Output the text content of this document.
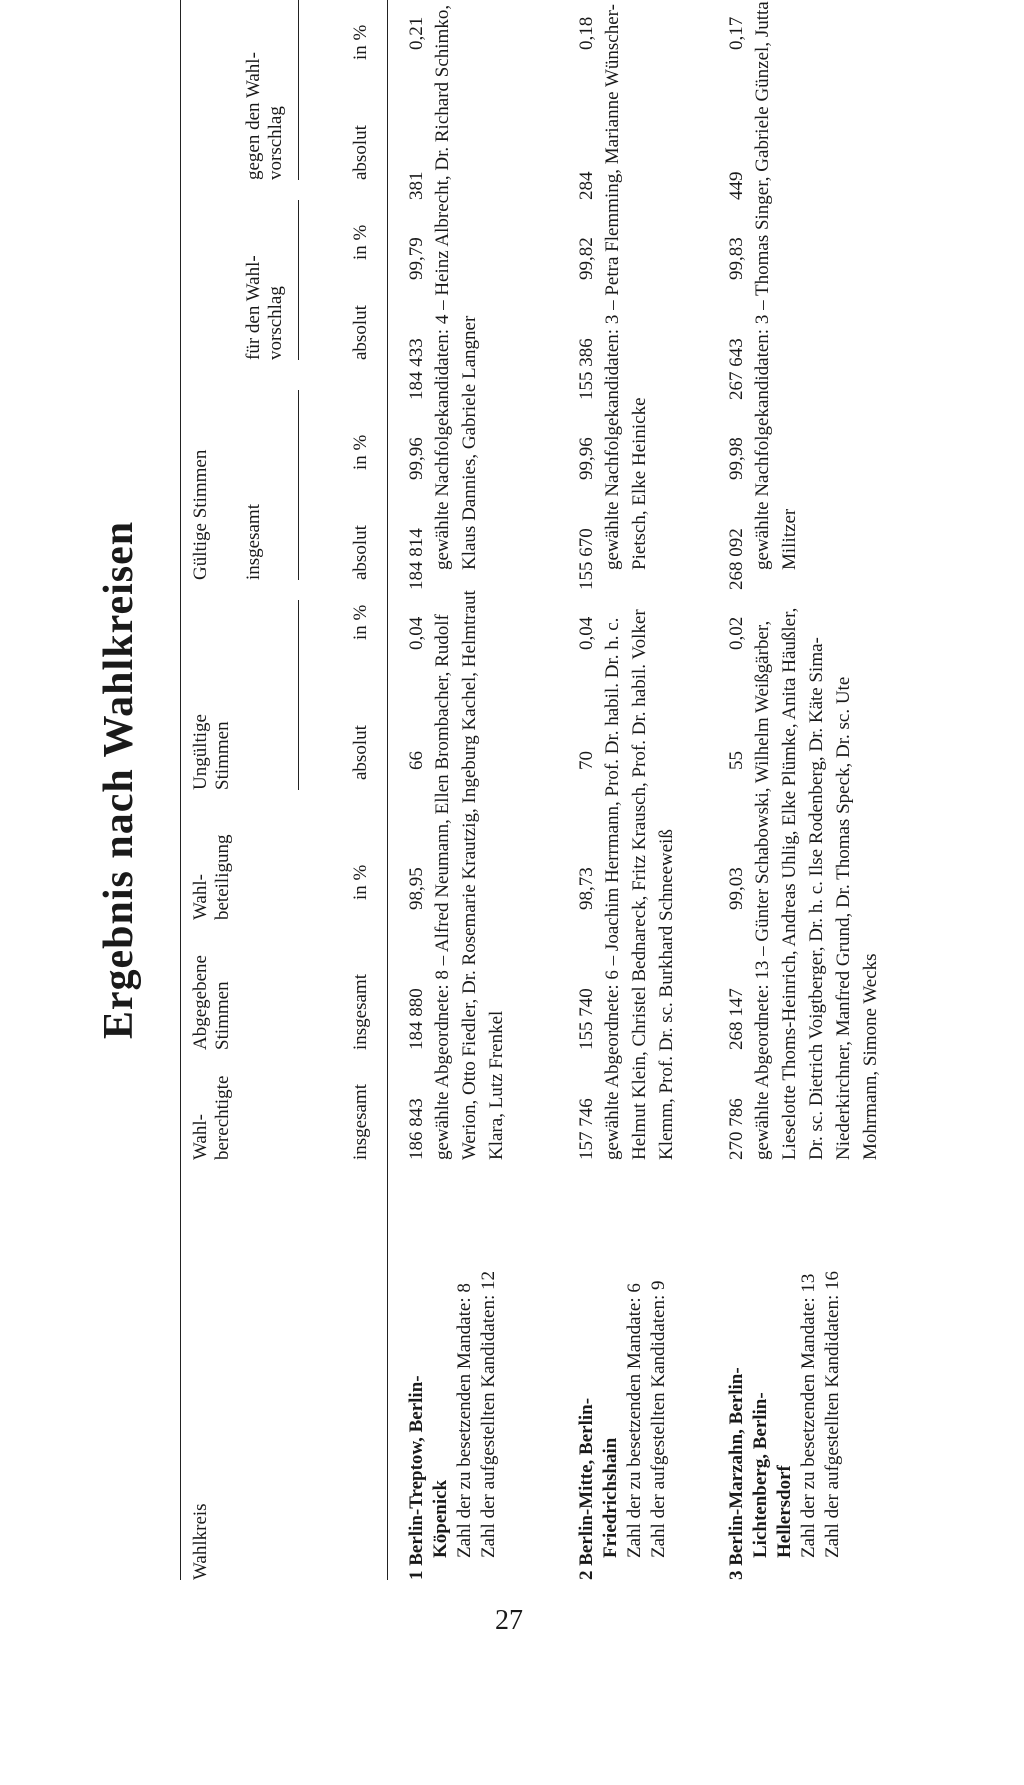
27
Ergebnis nach Wahlkreisen
Wahlkreis
Wahl- berechtigte
Abgegebene Stimmen
Wahl- beteiligung
Ungültige Stimmen
Gültige Stimmen insgesamt
für den Wahl- vorschlag
gegen den Wahl- vorschlag
insgesamt
insgesamt
in %
absolut
in %
absolut
in %
absolut
in %
absolut
in %
1 Berlin-Treptow, Berlin- Köpenick Zahl der zu besetzenden Mandate: 8 Zahl der aufgestellten Kandidaten: 12
186 843
184 880
98,95
66
0,04
184 814
99,96
184 433
99,79
381
0,21
gewählte Abgeordnete: 8 – Alfred Neumann, Ellen Brombacher, Rudolf Werion, Otto Fiedler, Dr. Rosemarie Krautzig, Ingeburg Kachel, Helmtraut Klara, Lutz Frenkel
gewählte Nachfolgekandidaten: 4 – Heinz Albrecht, Dr. Richard Schimko, Klaus Dannies, Gabriele Langner
2 Berlin-Mitte, Berlin- Friedrichshain Zahl der zu besetzenden Mandate: 6 Zahl der aufgestellten Kandidaten: 9
157 746
155 740
98,73
70
0,04
155 670
99,96
155 386
99,82
284
0,18
gewählte Abgeordnete: 6 – Joachim Herrmann, Prof. Dr. habil. Dr. h. c. Helmut Klein, Christel Bednareck, Fritz Krausch, Prof. Dr. habil. Volker Klemm, Prof. Dr. sc. Burkhard Schneeweiß
gewählte Nachfolgekandidaten: 3 – Petra Flemming, Marianne Wünscher-Pietsch, Elke Heinicke
3 Berlin-Marzahn, Berlin- Lichtenberg, Berlin- Hellersdorf Zahl der zu besetzenden Mandate: 13 Zahl der aufgestellten Kandidaten: 16
270 786
268 147
99,03
55
0,02
268 092
99,98
267 643
99,83
449
0,17
gewählte Abgeordnete: 13 – Günter Schabowski, Wilhelm Weißgärber, Lieselotte Thoms-Heinrich, Andreas Uhlig, Elke Plümke, Anita Häußler, Dr. sc. Dietrich Voigtberger, Dr. h. c. Ilse Rodenberg, Dr. Käte Sima-Niederkirchner, Manfred Grund, Dr. Thomas Speck, Dr. sc. Ute Mohrmann, Simone Wecks
gewählte Nachfolgekandidaten: 3 – Thomas Singer, Gabriele Günzel, Jutta Militzer
